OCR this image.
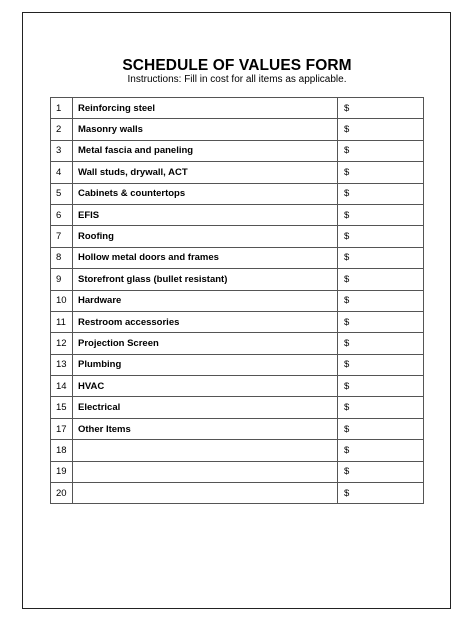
SCHEDULE OF VALUES FORM
Instructions: Fill in cost for all items as applicable.
1	Reinforcing steel	$
2	Masonry walls	$
3	Metal fascia and paneling	$
4	Wall studs, drywall, ACT	$
5	Cabinets & countertops	$
6	EFIS	$
7	Roofing	$
8	Hollow metal doors and frames	$
9	Storefront glass (bullet resistant)	$
10	Hardware	$
11	Restroom accessories	$
12	Projection Screen	$
13	Plumbing	$
14	HVAC	$
15	Electrical	$
17	Other Items	$
18		$
19		$
20		$
